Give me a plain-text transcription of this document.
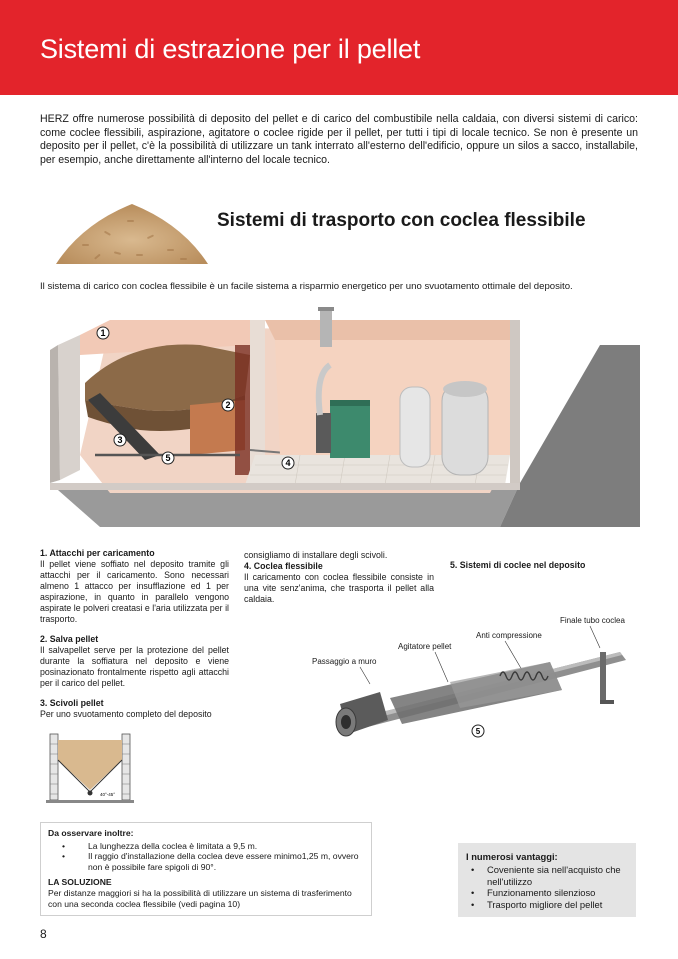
Sistemi di estrazione per il pellet

HERZ offre numerose possibilità di deposito del pellet e di carico del combustibile nella caldaia, con diversi sistemi di carico: come coclee flessibili, aspirazione, agitatore o coclee rigide per il pellet, per tutti i tipi di locale tecnico. Se non è presente un deposito per il pellet, c'è la possibilità di utilizzare un tank interrato all'esterno dell'edificio, oppure un silos a sacco, installabile, per esempio, anche direttamente all'interno del locale tecnico.

Sistemi di trasporto con coclea flessibile

Il sistema di carico con coclea flessibile è un facile sistema a risparmio energetico per uno svuotamento ottimale del deposito.

1
2
3
4
5

1. Attacchi per caricamento
Il pellet viene soffiato nel deposito tramite gli attacchi per il caricamento. Sono necessari almeno 1 attacco per insufflazione ed 1 per aspirazione, in quanto in parallelo vengono aspirate le polveri creatasi e l'aria utilizzata per il trasporto.

2. Salva pellet
Il salvapellet serve per la protezione del pellet durante la soffiatura nel deposito e viene posinazionato frontalmente rispetto agli attacchi per il carico del pellet.

3. Scivoli pellet
Per uno svuotamento completo del deposito

consigliamo di installare degli scivoli.

4. Coclea flessibile
Il caricamento con coclea flessibile consiste in una vite senz'anima, che trasporta il pellet alla caldaia.

5. Sistemi di coclee nel deposito
40°-45°
Passaggio a muro
Agitatore pellet
Anti compressione
Finale tubo coclea
5
Da osservare inoltre:
• La lunghezza della coclea è limitata a 9,5 m.
• Il raggio d'installazione della coclea deve essere minimo1,25 m, ovvero non è possibile fare spigoli di 90°.
LA SOLUZIONE
Per distanze maggiori si ha la possibilità di utilizzare un sistema di trasferimento con una seconda coclea flessibile (vedi pagina 10)
I numerosi vantaggi:
• Coveniente sia nell'acquisto che nell'utilizzo
• Funzionamento silenzioso
• Trasporto migliore del pellet
8
